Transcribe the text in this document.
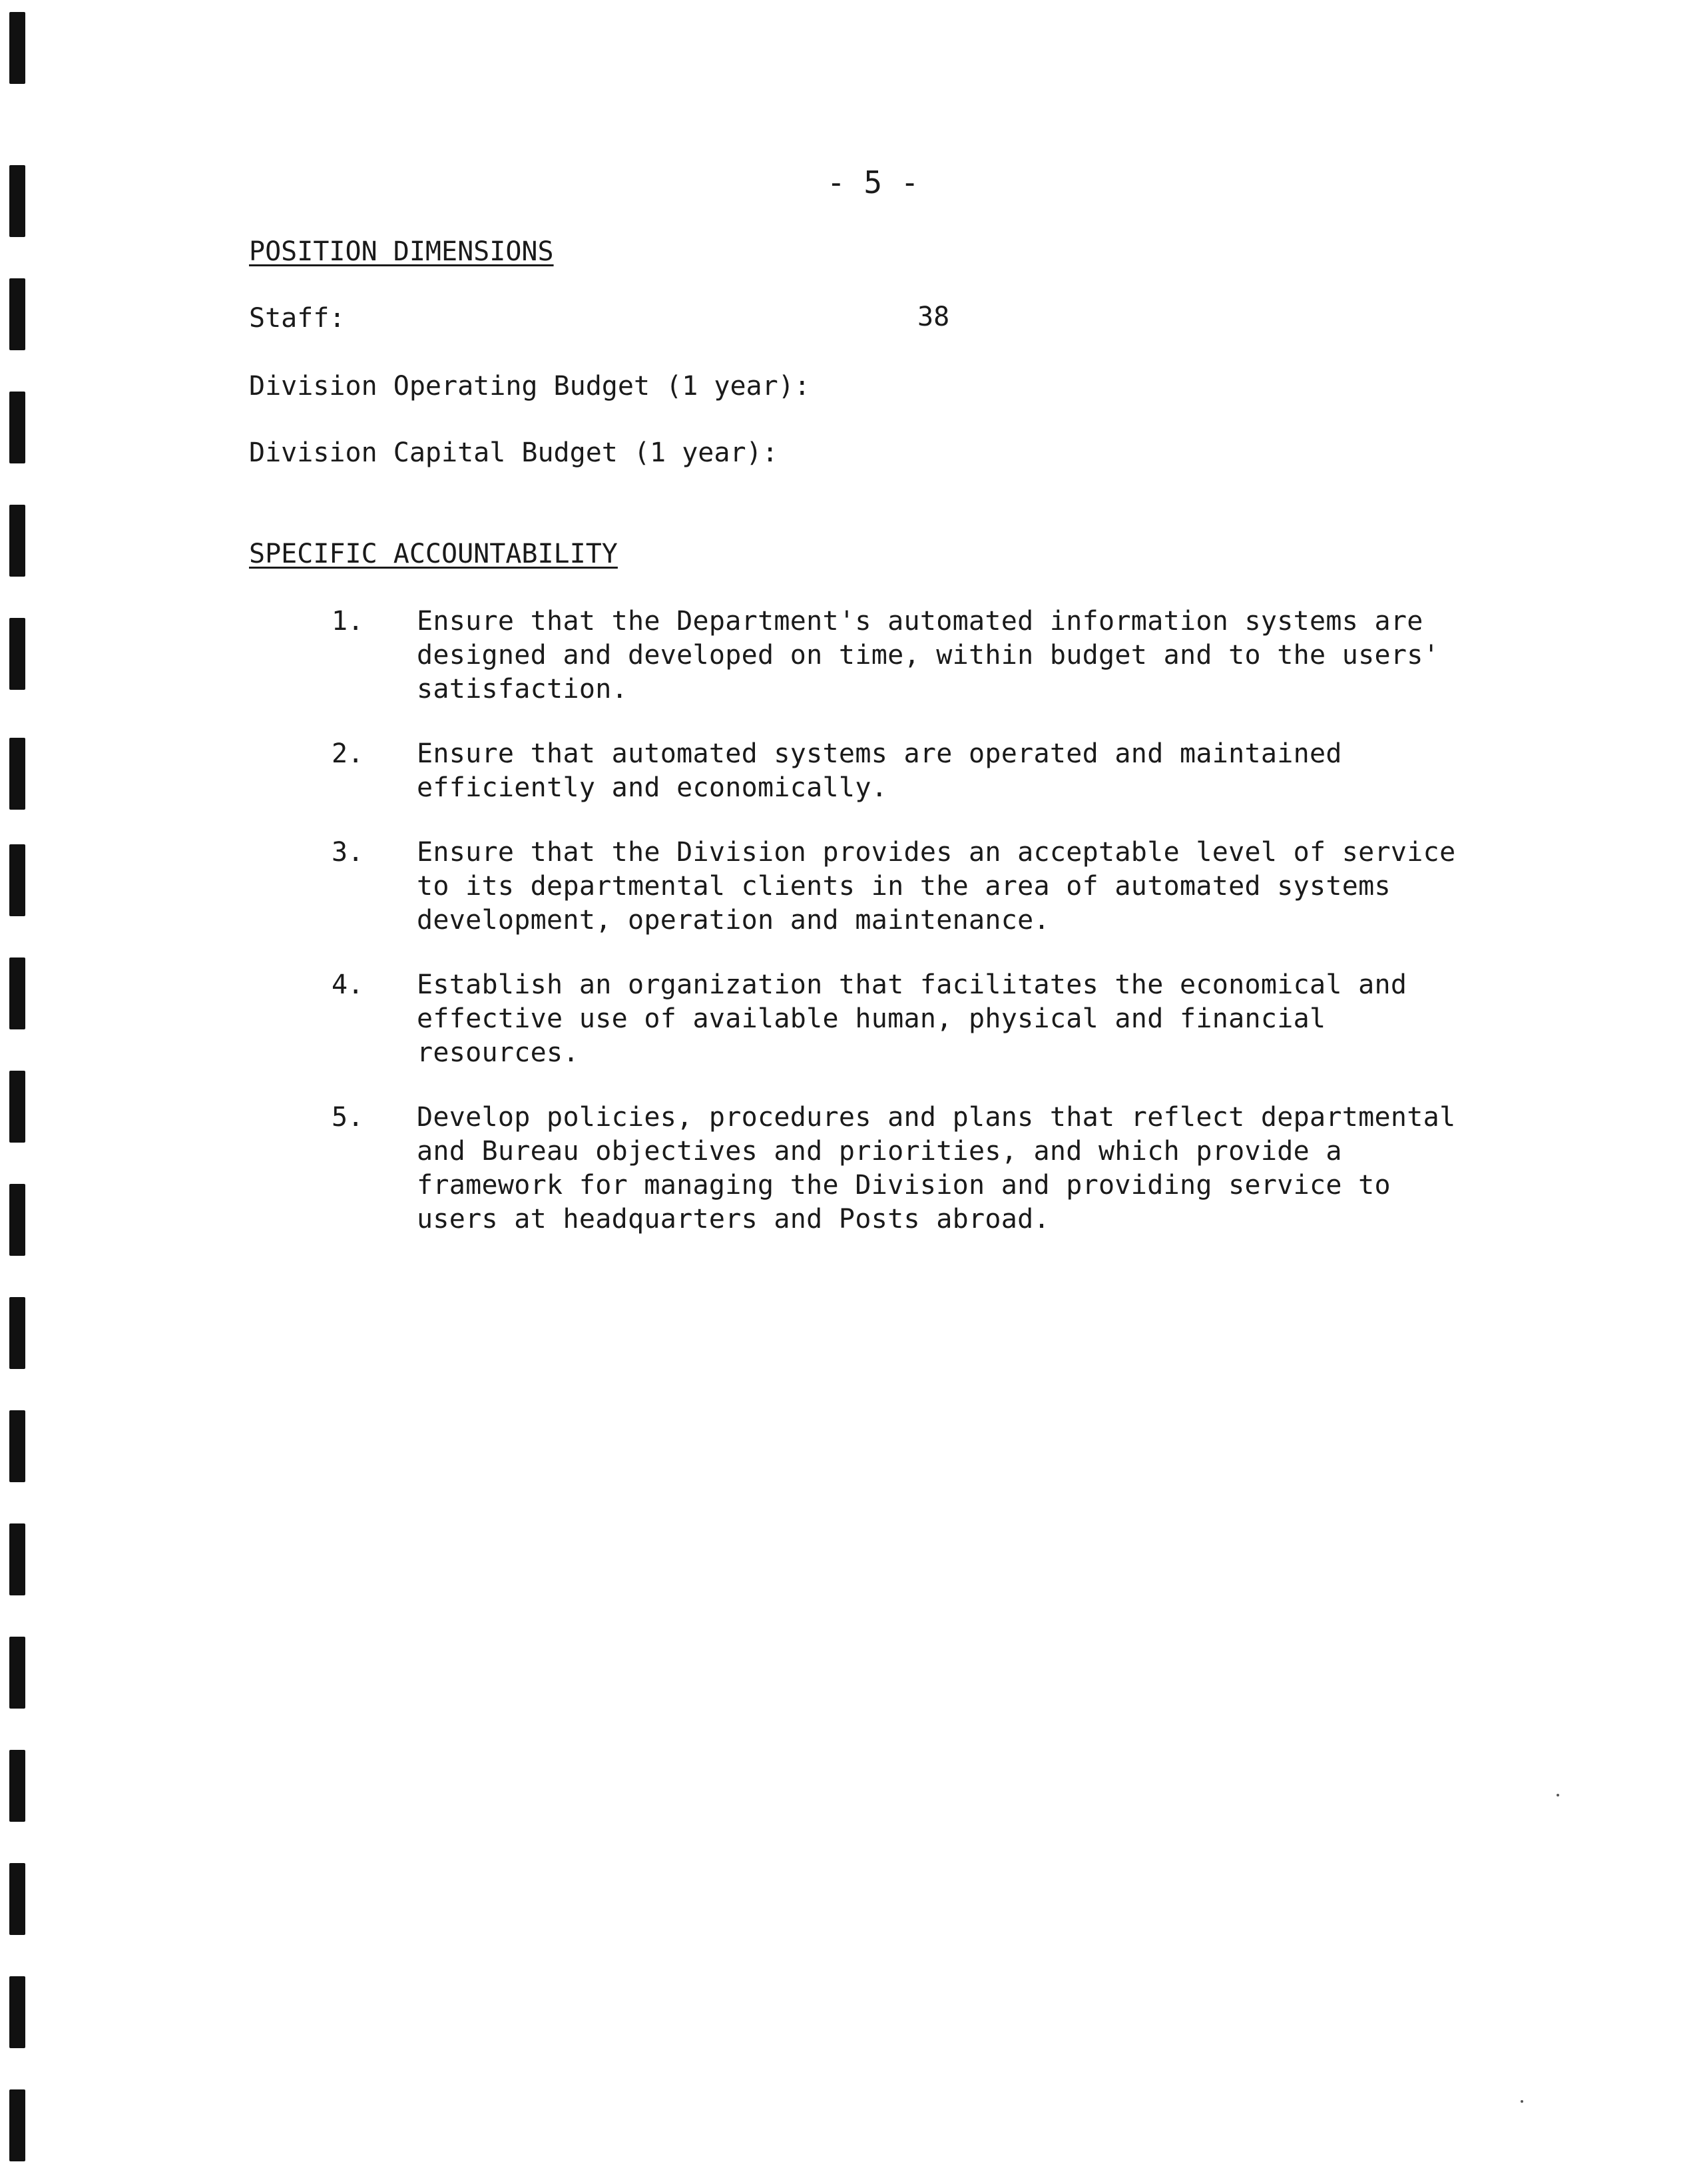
- 5 -
POSITION DIMENSIONS
Staff:	38
Division Operating Budget (1 year):
Division Capital Budget (1 year):
SPECIFIC ACCOUNTABILITY
1.	Ensure that the Department's automated information systems are
designed and developed on time, within budget and to the users'
satisfaction.
2.	Ensure that automated systems are operated and maintained
efficiently and economically.
3.	Ensure that the Division provides an acceptable level of service
to its departmental clients in the area of automated systems
development, operation and maintenance.
4.	Establish an organization that facilitates the economical and
effective use of available human, physical and financial
resources.
5.	Develop policies, procedures and plans that reflect departmental
and Bureau objectives and priorities, and which provide a
framework for managing the Division and providing service to
users at headquarters and Posts abroad.
